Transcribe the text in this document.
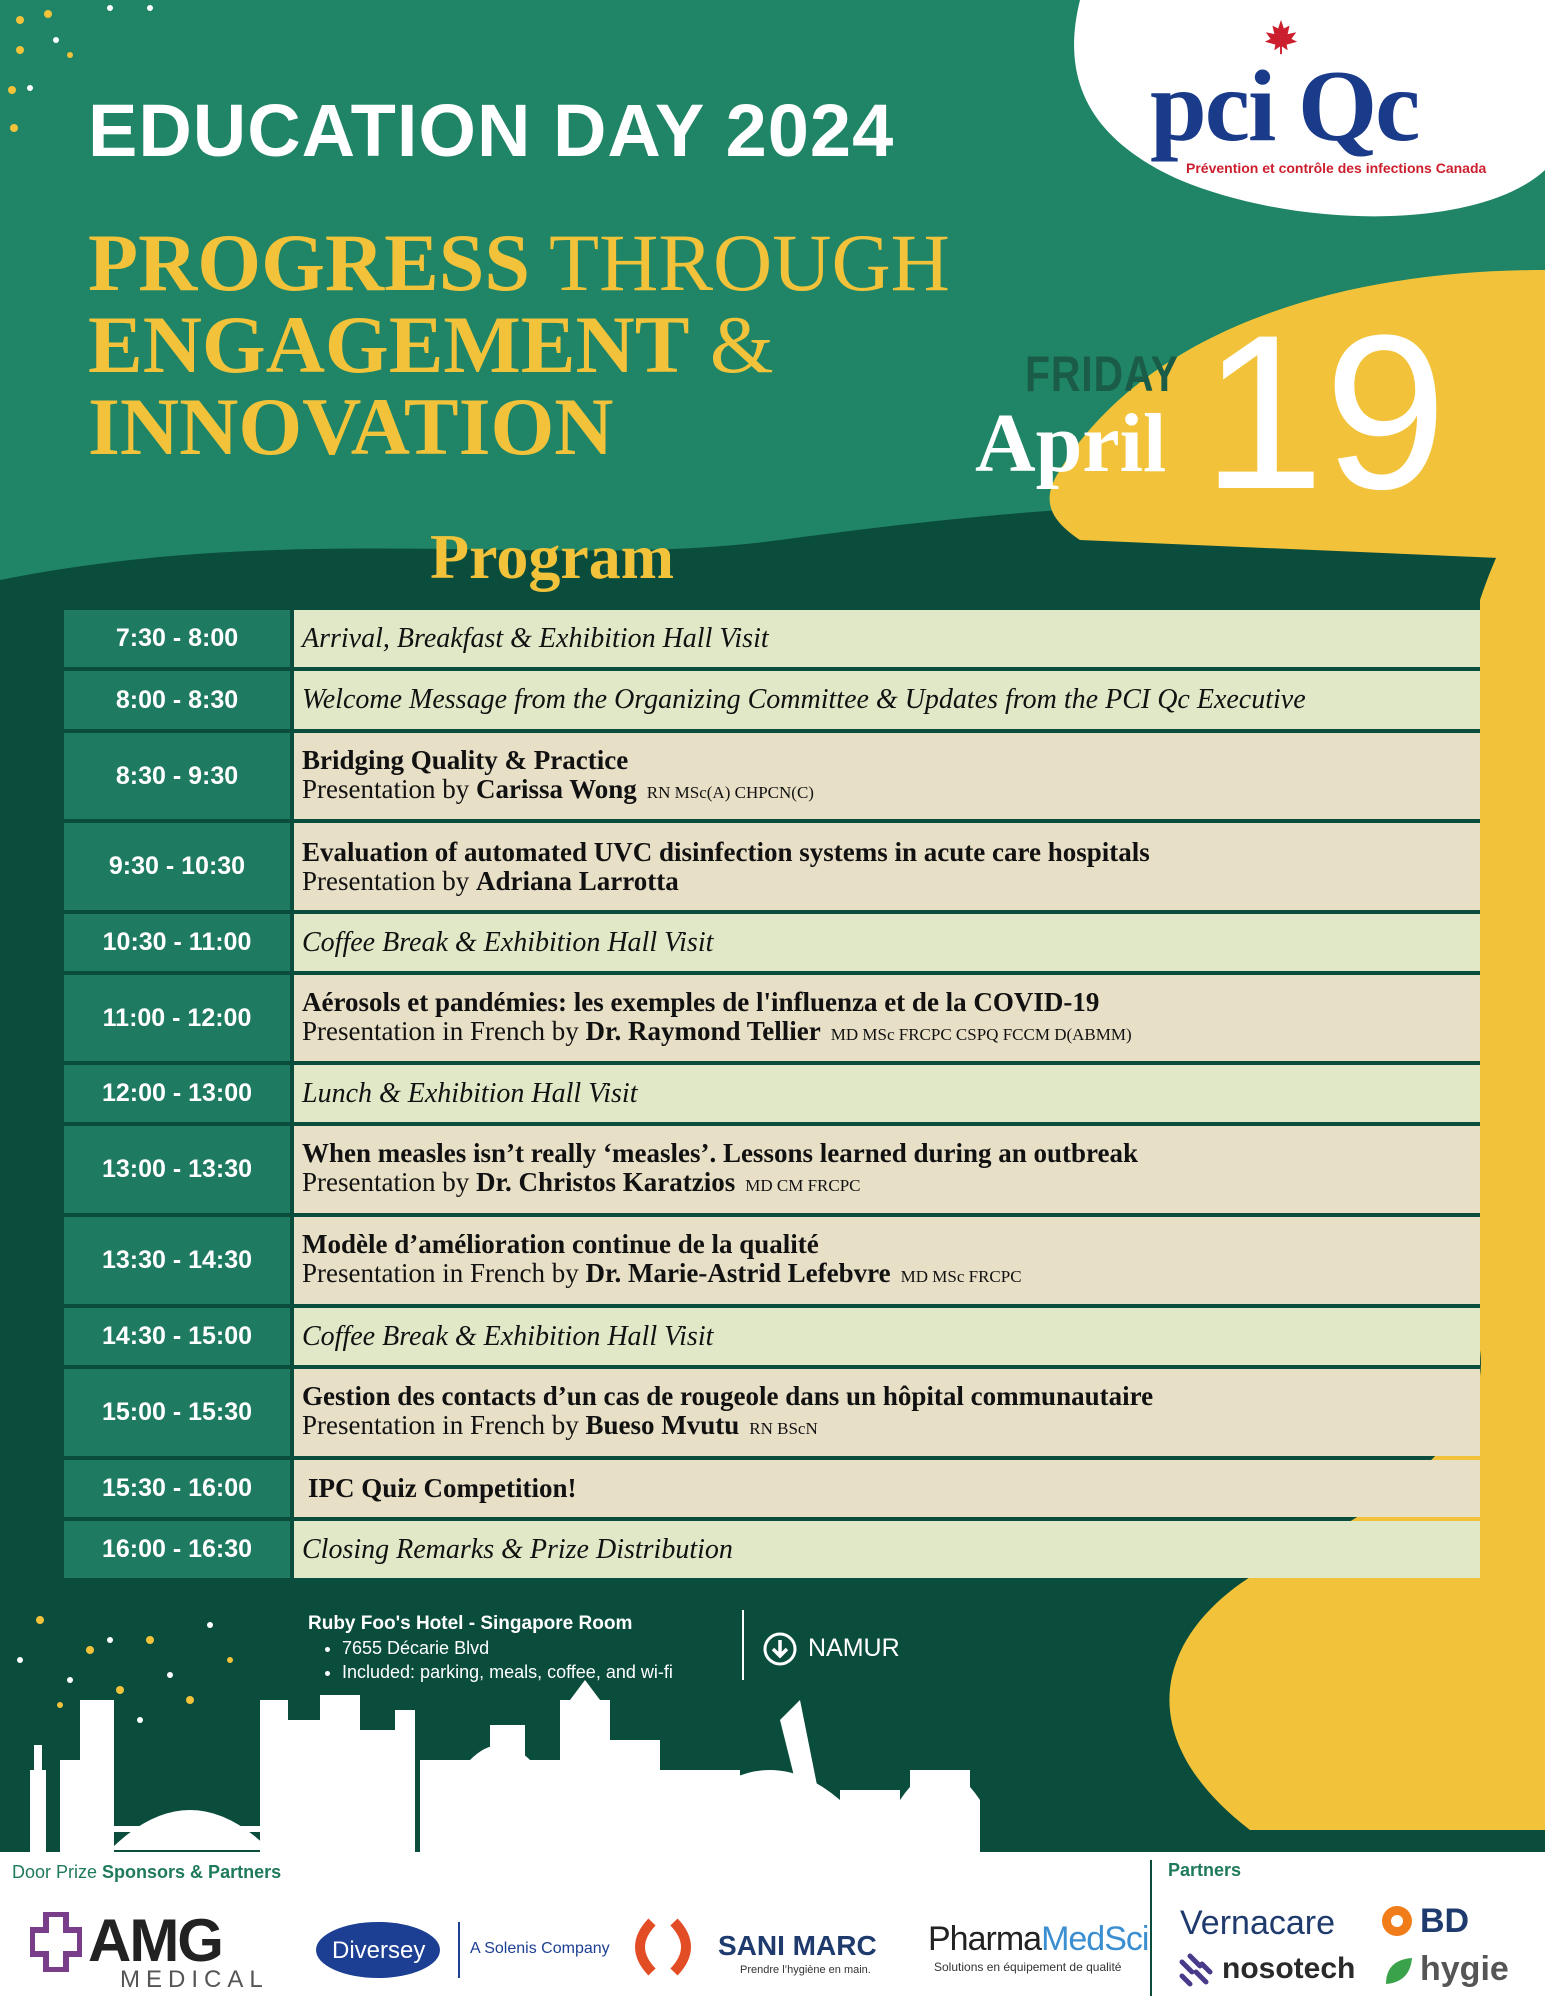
EDUCATION DAY 2024
PROGRESS THROUGH
ENGAGEMENT &
INNOVATION
pci Qc
Prévention et contrôle des infections Canada
FRIDAY
April 19
Program
7:30 - 8:00	Arrival, Breakfast & Exhibition Hall Visit
8:00 - 8:30	Welcome Message from the Organizing Committee & Updates from the PCI Qc Executive
8:30 - 9:30
Bridging Quality & Practice
Presentation by Carissa Wong RN MSc(A) CHPCN(C)
9:30 - 10:30	Evaluation of automated UVC disinfection systems in acute care hospitals
Presentation by Adriana Larrotta
10:30 - 11:00	Coffee Break & Exhibition Hall Visit
11:00 - 12:00
Aérosols et pandémies: les exemples de l'influenza et de la COVID-19
Presentation in French by Dr. Raymond Tellier MD MSc FRCPC CSPQ FCCM D(ABMM)
12:00 - 13:00	Lunch & Exhibition Hall Visit
13:00 - 13:30
When measles isn’t really ‘measles’. Lessons learned during an outbreak
Presentation by Dr. Christos Karatzios MD CM FRCPC
13:30 - 14:30
Modèle d’amélioration continue de la qualité
Presentation in French by Dr. Marie-Astrid Lefebvre MD MSc FRCPC
14:30 - 15:00	Coffee Break & Exhibition Hall Visit
15:00 - 15:30
Gestion des contacts d’un cas de rougeole dans un hôpital communautaire
Presentation in French by Bueso Mvutu RN BScN
15:30 - 16:00	IPC Quiz Competition!
16:00 - 16:30	Closing Remarks & Prize Distribution
Ruby Foo's Hotel - Singapore Room
• 7655 Décarie Blvd
• Included: parking, meals, coffee, and wi-fi
NAMUR
Door Prize Sponsors & Partners
AMG
MEDICAL
Diversey	A Solenis Company	SANI MARC
Prendre l’hygiène en main.
PharmaMedSci
Solutions en équipement de qualité
Partners
Vernacare
nosotech
BD
hygie
